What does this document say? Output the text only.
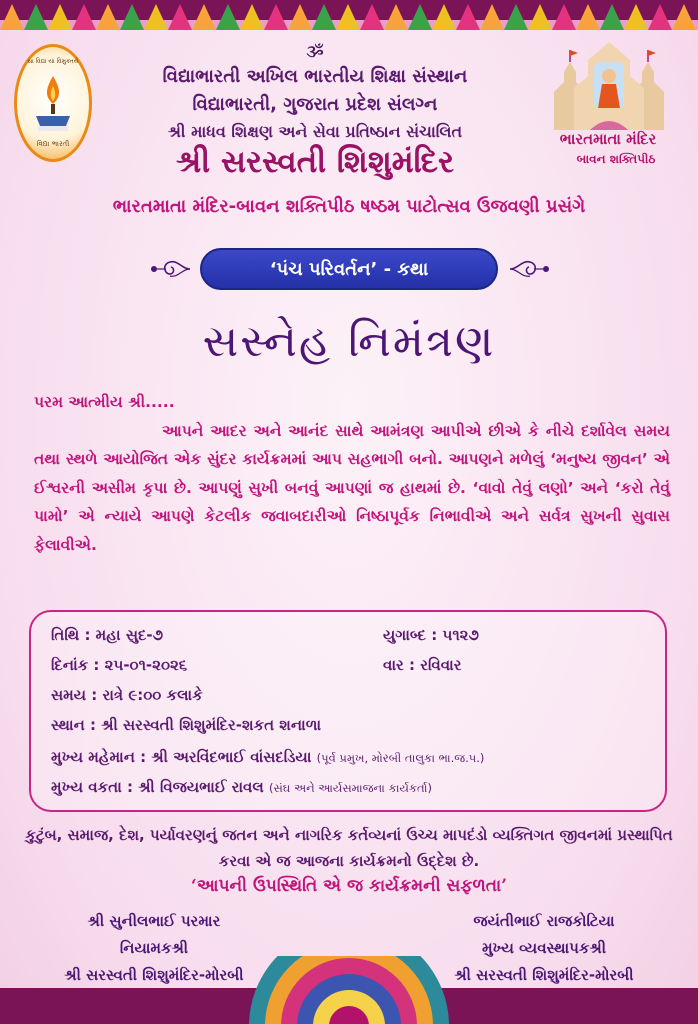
સા વિદ્યા યા વિમુક્તયે
વિદ્યા ભારતી
ૐ
વિદ્યાભારતી અખિલ ભારતીય શિક્ષા સંસ્થાન
વિદ્યાભારતી, ગુજરાત પ્રદેશ સંલગ્ન
શ્રી માધવ શિક્ષણ અને સેવા પ્રતિષ્ઠાન સંચાલિત
શ્રી સરસ્વતી શિશુમંદિર
ભારતમાતા મંદિર
બાવન શક્તિપીઠ
ભારતમાતા મંદિર-બાવન શક્તિપીઠ ષષ્ઠમ પાટોત્સવ ઉજવણી પ્રસંગે
‘પંચ પરિવર્તન’ - કથા
સસ્નેહ નિમંત્રણ
પરમ આત્મીય શ્રી.....
આપને આદર અને આનંદ સાથે આમંત્રણ આપીએ છીએ કે નીચે દર્શાવેલ સમય તથા સ્થળે આયોજિત એક સુંદર કાર્યક્રમમાં આપ સહભાગી બનો. આપણને મળેલું ‘મનુષ્ય જીવન’ એ ઈશ્વરની અસીમ કૃપા છે. આપણું સુખી બનવું આપણાં જ હાથમાં છે. ‘વાવો તેવું લણો’ અને ‘કરો તેવું પામો’ એ ન્યાયે આપણે કેટલીક જવાબદારીઓ નિષ્ઠાપૂર્વક નિભાવીએ અને સર્વત્ર સુખની સુવાસ ફેલાવીએ.
તિથિ : મહા સુદ-૭	યુગાબ્દ : ૫૧૨૭
દિનાંક : ૨૫-૦૧-૨૦૨૬	વાર : રવિવાર
સમય : રાત્રે ૯:૦૦ કલાકે
સ્થાન : શ્રી સરસ્વતી શિશુમંદિર-શકત શનાળા
મુખ્ય મહેમાન : શ્રી અરવિંદભાઈ વાંસદડિયા (પૂર્વ પ્રમુખ, મોરબી તાલુકા ભા.જ.પ.)
મુખ્ય વકતા : શ્રી વિજયભાઈ રાવલ (સંઘ અને આર્યસમાજના કાર્યકર્તા)
કુટુંબ, સમાજ, દેશ, પર્યાવરણનું જતન અને નાગરિક કર્તવ્યનાં ઉચ્ચ માપદંડો વ્યક્તિગત જીવનમાં પ્રસ્થાપિત કરવા એ જ આજના કાર્યક્રમનો ઉદ્દેશ છે.
‘આપની ઉપસ્થિતિ એ જ કાર્યક્રમની સફળતા’
શ્રી સુનીલભાઈ પરમાર
નિયામકશ્રી
શ્રી સરસ્વતી શિશુમંદિર-મોરબી
જયંતીભાઈ રાજકોટિયા
મુખ્ય વ્યવસ્થાપકશ્રી
શ્રી સરસ્વતી શિશુમંદિર-મોરબી
